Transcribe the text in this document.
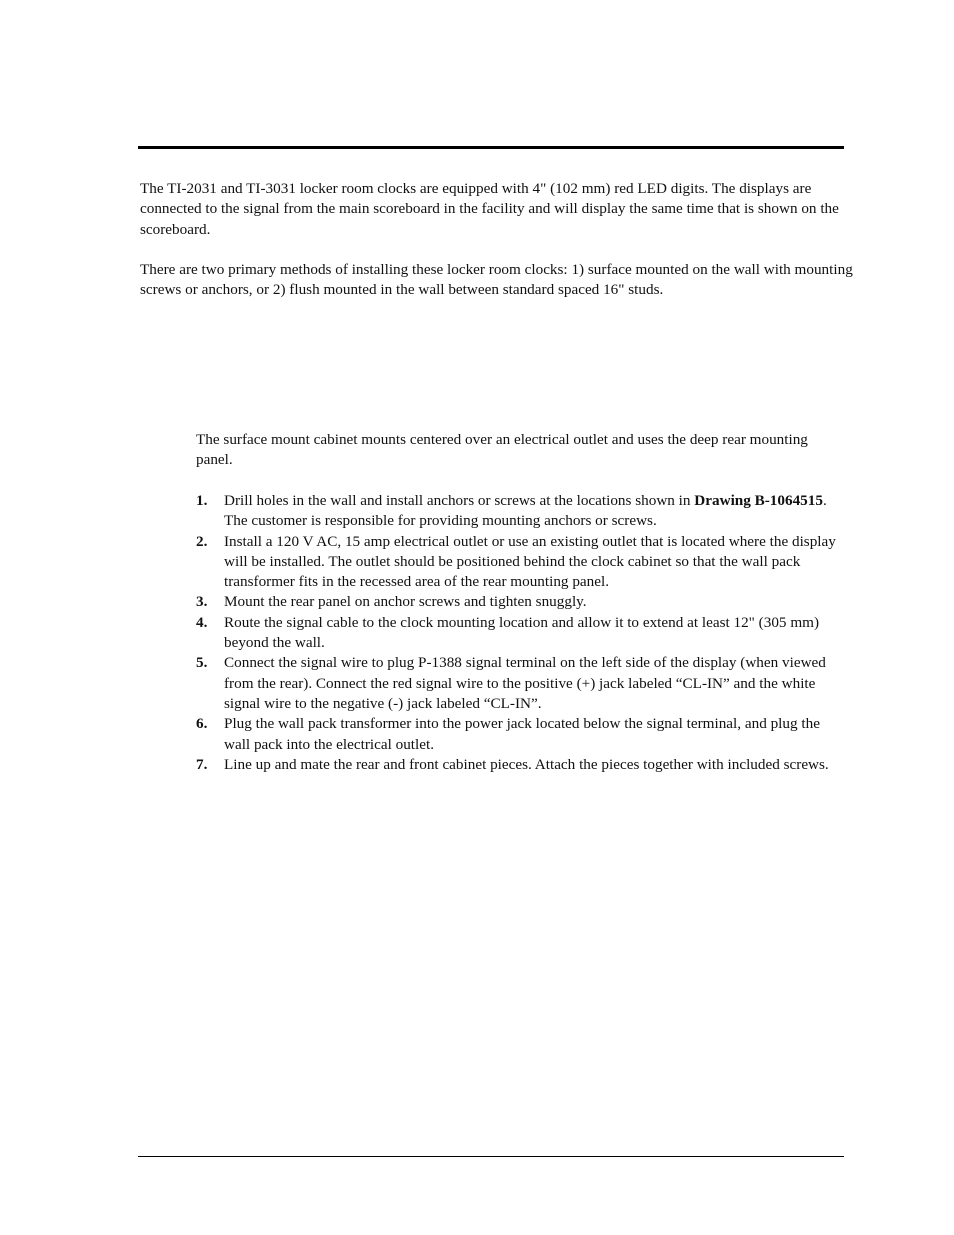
The TI-2031 and TI-3031 locker room clocks are equipped with 4" (102 mm) red LED digits. The displays are connected to the signal from the main scoreboard in the facility and will display the same time that is shown on the scoreboard.

There are two primary methods of installing these locker room clocks: 1) surface mounted on the wall with mounting screws or anchors, or 2) flush mounted in the wall between standard spaced 16" studs.

The surface mount cabinet mounts centered over an electrical outlet and uses the deep rear mounting panel.

1. Drill holes in the wall and install anchors or screws at the locations shown in Drawing B-1064515. The customer is responsible for providing mounting anchors or screws.
2. Install a 120 V AC, 15 amp electrical outlet or use an existing outlet that is located where the display will be installed. The outlet should be positioned behind the clock cabinet so that the wall pack transformer fits in the recessed area of the rear mounting panel.
3. Mount the rear panel on anchor screws and tighten snuggly.
4. Route the signal cable to the clock mounting location and allow it to extend at least 12" (305 mm) beyond the wall.
5. Connect the signal wire to plug P-1388 signal terminal on the left side of the display (when viewed from the rear). Connect the red signal wire to the positive (+) jack labeled “CL-IN” and the white signal wire to the negative (-) jack labeled “CL-IN”.
6. Plug the wall pack transformer into the power jack located below the signal terminal, and plug the wall pack into the electrical outlet.
7. Line up and mate the rear and front cabinet pieces. Attach the pieces together with included screws.
